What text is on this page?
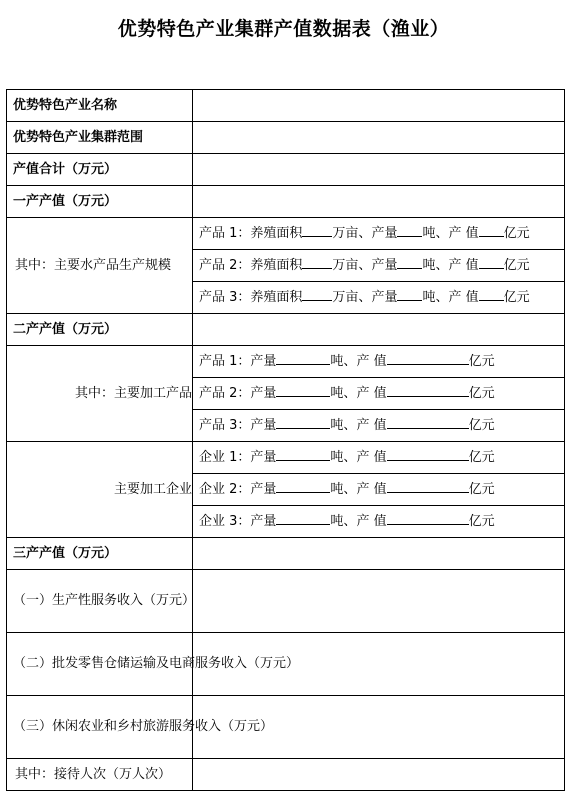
优势特色产业集群产值数据表（渔业）
优势特色产业名称	
优势特色产业集群范围	
产值合计（万元）	
一产产值（万元）	
其中：主要水产品生产规模	产品 1：养殖面积 万亩、产量 吨、产 值 亿元
	产品 2：养殖面积 万亩、产量 吨、产 值 亿元
	产品 3：养殖面积 万亩、产量 吨、产 值 亿元
二产产值（万元）	
其中：主要加工产品	产品 1：产量 吨、产 值 亿元
	产品 2：产量 吨、产 值 亿元
	产品 3：产量 吨、产 值 亿元
主要加工企业	企业 1：产量 吨、产 值 亿元
	企业 2：产量 吨、产 值 亿元
	企业 3：产量 吨、产 值 亿元
三产产值（万元）	
（一）生产性服务收入（万元）	
（二）批发零售仓储运输及电商服务收入（万元）	
（三）休闲农业和乡村旅游服务收入（万元）	
其中：接待人次（万人次）	
